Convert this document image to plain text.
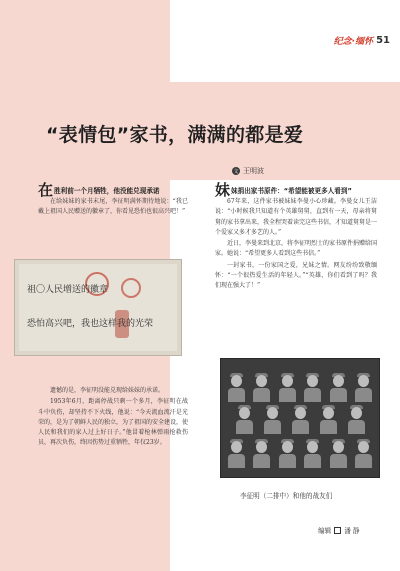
纪念·缅怀 51
“表情包”家书，满满的都是爱
文 王明波
在胜利前一个月牺牲，他没能兑现承诺

在给妹妹的家书末尾，李征明满怀期待地说：“我已戴上祖国人民赠送的徽章了，你看见恐怕也很高兴吧！”

祖〇人民增送的徽章
恐怕高兴吧，我也这样我的光荣

遗憾的是，李征明没能兑现给妹妹的承诺。

1953年6月，距离停战只剩一个多月，李征明在战斗中负伤，却坚持不下火线，他说：“今天流血流汗是光荣的，是为了朝鲜人民的独立，为了祖国的安全建设，使人民和我们的家人过上好日子。”他冒着枪林弹雨抢救伤员，再次负伤，终因伤势过重牺牲，年仅23岁。

妹妹捐出家书原件：“希望能被更多人看到”

67年来，这件家书被妹妹李曼小心珍藏。李曼女儿王洁说：“小时候我只知道有个英雄舅舅，直到有一天，母亲将舅舅的家书拿出来，我全程哭着读完这些书信，才知道舅舅是一个爱家又多才多艺的人。”

近日，李曼来到北京，将李征明烈士的家书原件捐赠给国家。她说：“希望更多人看到这些书信。”

一封家书，一份家国之爱，兄妹之情。网友纷纷致敬缅怀：“一个很热爱生活的年轻人。”“英雄，你们看到了吗？我们现在强大了！”

李征明（二排中）和他的战友们
编辑 潘 静
